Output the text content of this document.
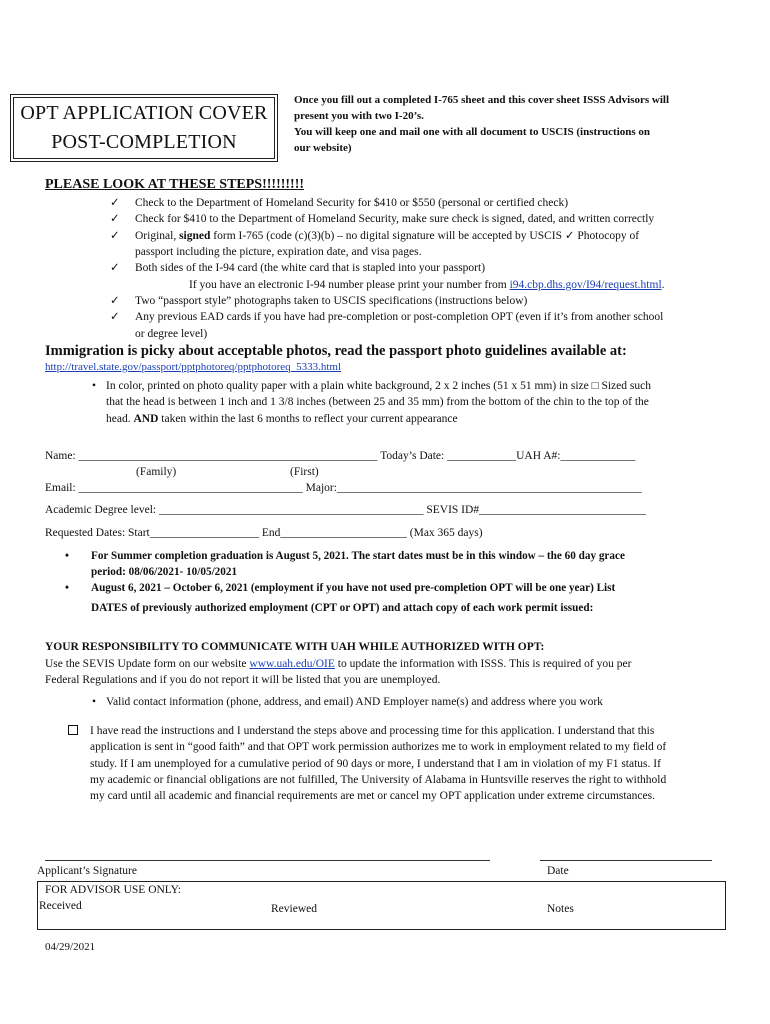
OPT APPLICATION COVER
POST-COMPLETION
Once you fill out a completed I-765 sheet and this cover sheet ISSS Advisors will
present you with two I-20’s.
You will keep one and mail one with all document to USCIS (instructions on
our website)
PLEASE LOOK AT THESE STEPS!!!!!!!!!
✓ Check to the Department of Homeland Security for $410 or $550 (personal or certified check)
✓ Check for $410 to the Department of Homeland Security, make sure check is signed, dated, and written correctly
✓ Original, signed form I-765 (code (c)(3)(b) – no digital signature will be accepted by USCIS ✓ Photocopy of
passport including the picture, expiration date, and visa pages.
✓ Both sides of the I-94 card (the white card that is stapled into your passport)
If you have an electronic I-94 number please print your number from i94.cbp.dhs.gov/I94/request.html.
✓ Two “passport style” photographs taken to USCIS specifications (instructions below)
✓ Any previous EAD cards if you have had pre-completion or post-completion OPT (even if it’s from another school
or degree level)
Immigration is picky about acceptable photos, read the passport photo guidelines available at:
http://travel.state.gov/passport/pptphotoreq/pptphotoreq_5333.html
• In color, printed on photo quality paper with a plain white background, 2 x 2 inches (51 x 51 mm) in size □ Sized such
that the head is between 1 inch and 1 3/8 inches (between 25 and 35 mm) from the bottom of the chin to the top of the
head. AND taken within the last 6 months to reflect your current appearance
Name: ____________________________________________________ Today’s Date: ____________UAH A#:_____________
(Family)	(First)
Email: _______________________________________ Major:_____________________________________________________
Academic Degree level: ______________________________________________ SEVIS ID#_____________________________
Requested Dates: Start___________________ End______________________ (Max 365 days)
• For Summer completion graduation is August 5, 2021. The start dates must be in this window – the 60 day grace
period: 08/06/2021- 10/05/2021
• August 6, 2021 – October 6, 2021 (employment if you have not used pre-completion OPT will be one year) List
DATES of previously authorized employment (CPT or OPT) and attach copy of each work permit issued:
YOUR RESPONSIBILITY TO COMMUNICATE WITH UAH WHILE AUTHORIZED WITH OPT:
Use the SEVIS Update form on our website www.uah.edu/OIE to update the information with ISSS. This is required of you per
Federal Regulations and if you do not report it will be listed that you are unemployed.
• Valid contact information (phone, address, and email) AND Employer name(s) and address where you work
I have read the instructions and I understand the steps above and processing time for this application. I understand that this
application is sent in “good faith” and that OPT work permission authorizes me to work in employment related to my field of
study. If I am unemployed for a cumulative period of 90 days or more, I understand that I am in violation of my F1 status. If
my academic or financial obligations are not fulfilled, The University of Alabama in Huntsville reserves the right to withhold
my card until all academic and financial requirements are met or cancel my OPT application under extreme circumstances.
Applicant’s Signature	Date
FOR ADVISOR USE ONLY:
Received	Reviewed	Notes
04/29/2021
